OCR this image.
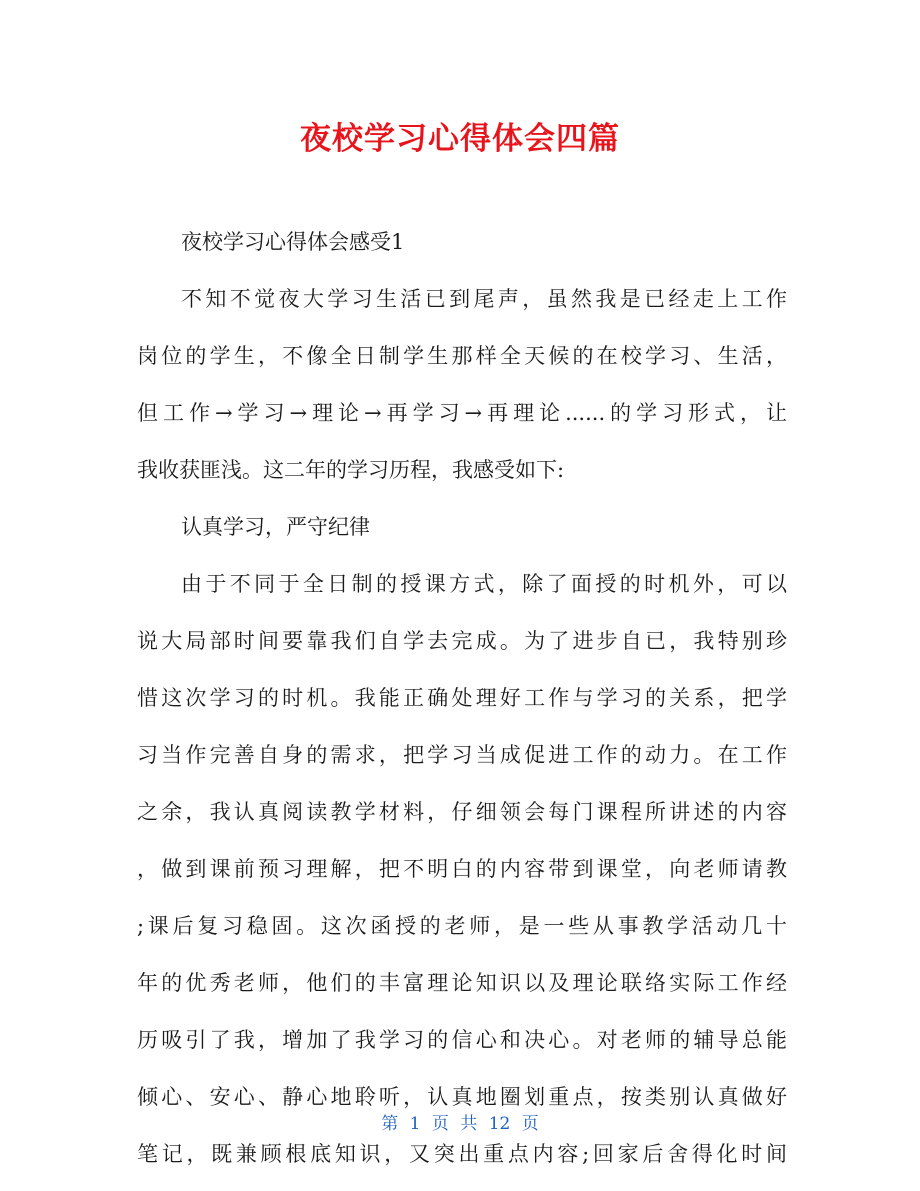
夜校学习心得体会四篇
夜校学习心得体会感受1
不知不觉夜大学习生活已到尾声，虽然我是已经走上工作
岗位的学生，不像全日制学生那样全天候的在校学习、生活，
但工作→学习→理论→再学习→再理论......的学习形式，让
我收获匪浅。这二年的学习历程，我感受如下:
认真学习，严守纪律
由于不同于全日制的授课方式，除了面授的时机外，可以
说大局部时间要靠我们自学去完成。为了进步自已，我特别珍
惜这次学习的时机。我能正确处理好工作与学习的关系，把学
习当作完善自身的需求，把学习当成促进工作的动力。在工作
之余，我认真阅读教学材料，仔细领会每门课程所讲述的内容
，做到课前预习理解，把不明白的内容带到课堂，向老师请教
;课后复习稳固。这次函授的老师，是一些从事教学活动几十
年的优秀老师，他们的丰富理论知识以及理论联络实际工作经
历吸引了我，增加了我学习的信心和决心。对老师的辅导总能
倾心、安心、静心地聆听，认真地圈划重点，按类别认真做好
笔记，既兼顾根底知识，又突出重点内容;回家后舍得化时间
第 1 页 共 12 页
